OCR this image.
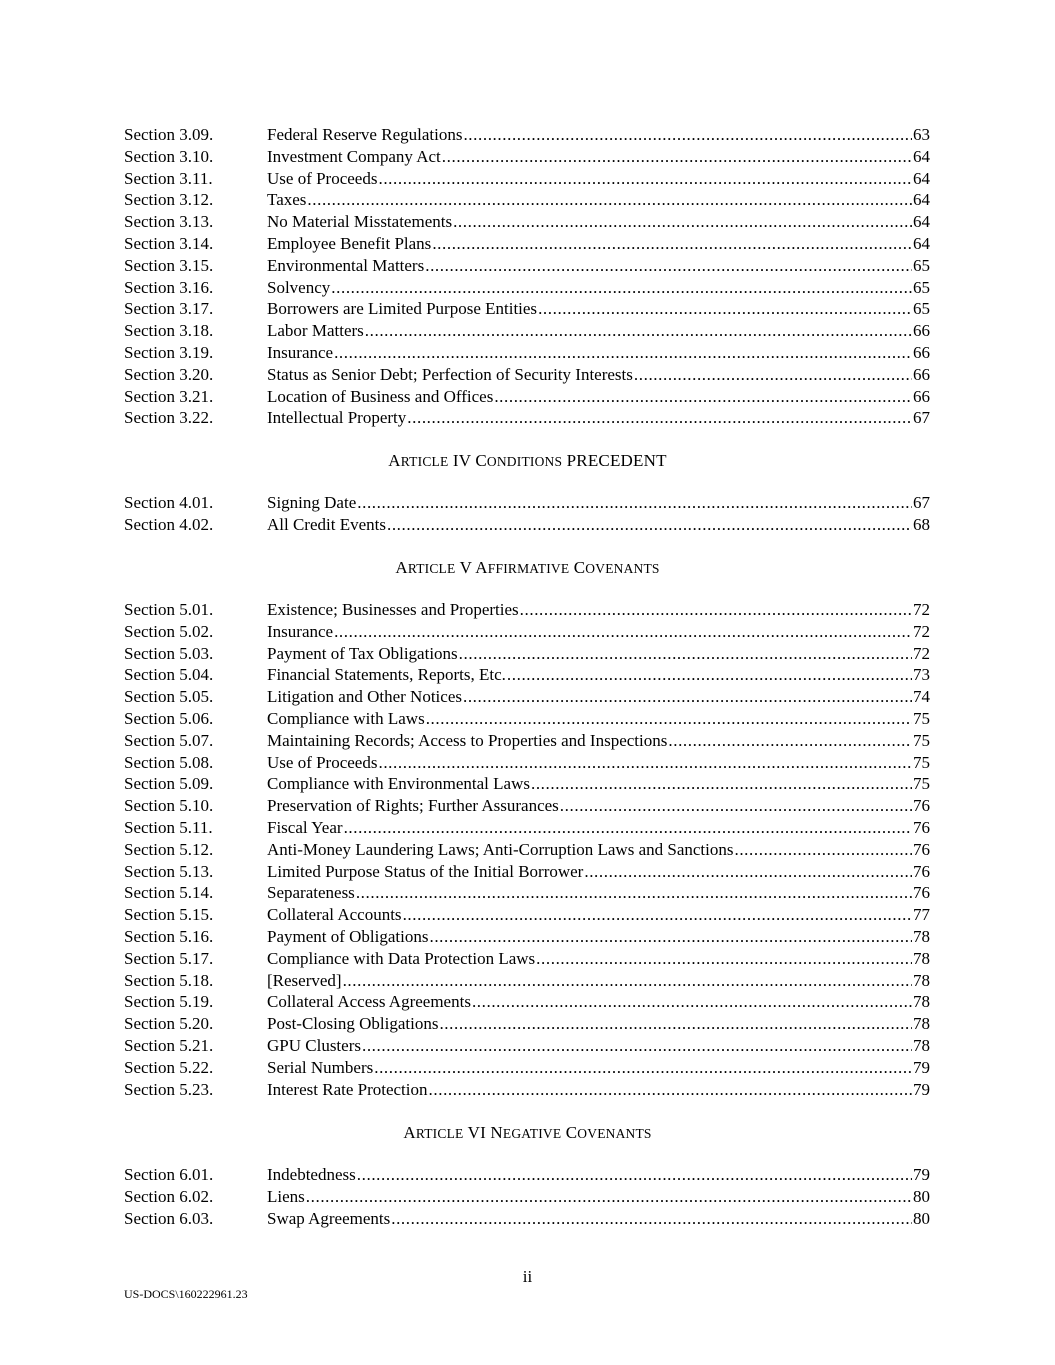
Section 3.09.	Federal Reserve Regulations .....	63
Section 3.10.	Investment Company Act .....	64
Section 3.11.	Use of Proceeds .....	64
Section 3.12.	Taxes .....	64
Section 3.13.	No Material Misstatements .....	64
Section 3.14.	Employee Benefit Plans .....	64
Section 3.15.	Environmental Matters .....	65
Section 3.16.	Solvency .....	65
Section 3.17.	Borrowers are Limited Purpose Entities .....	65
Section 3.18.	Labor Matters .....	66
Section 3.19.	Insurance .....	66
Section 3.20.	Status as Senior Debt; Perfection of Security Interests .....	66
Section 3.21.	Location of Business and Offices .....	66
Section 3.22.	Intellectual Property .....	67
ARTICLE IV CONDITIONS PRECEDENT
Section 4.01.	Signing Date .....	67
Section 4.02.	All Credit Events .....	68
ARTICLE V AFFIRMATIVE COVENANTS
Section 5.01.	Existence; Businesses and Properties .....	72
Section 5.02.	Insurance .....	72
Section 5.03.	Payment of Tax Obligations .....	72
Section 5.04.	Financial Statements, Reports, Etc. .....	73
Section 5.05.	Litigation and Other Notices .....	74
Section 5.06.	Compliance with Laws .....	75
Section 5.07.	Maintaining Records; Access to Properties and Inspections .....	75
Section 5.08.	Use of Proceeds .....	75
Section 5.09.	Compliance with Environmental Laws .....	75
Section 5.10.	Preservation of Rights; Further Assurances .....	76
Section 5.11.	Fiscal Year .....	76
Section 5.12.	Anti-Money Laundering Laws; Anti-Corruption Laws and Sanctions .....	76
Section 5.13.	Limited Purpose Status of the Initial Borrower .....	76
Section 5.14.	Separateness .....	76
Section 5.15.	Collateral Accounts .....	77
Section 5.16.	Payment of Obligations .....	78
Section 5.17.	Compliance with Data Protection Laws .....	78
Section 5.18.	[Reserved] .....	78
Section 5.19.	Collateral Access Agreements .....	78
Section 5.20.	Post-Closing Obligations .....	78
Section 5.21.	GPU Clusters .....	78
Section 5.22.	Serial Numbers .....	79
Section 5.23.	Interest Rate Protection .....	79
ARTICLE VI NEGATIVE COVENANTS
Section 6.01.	Indebtedness .....	79
Section 6.02.	Liens .....	80
Section 6.03.	Swap Agreements .....	80
ii
US-DOCS\160222961.23
